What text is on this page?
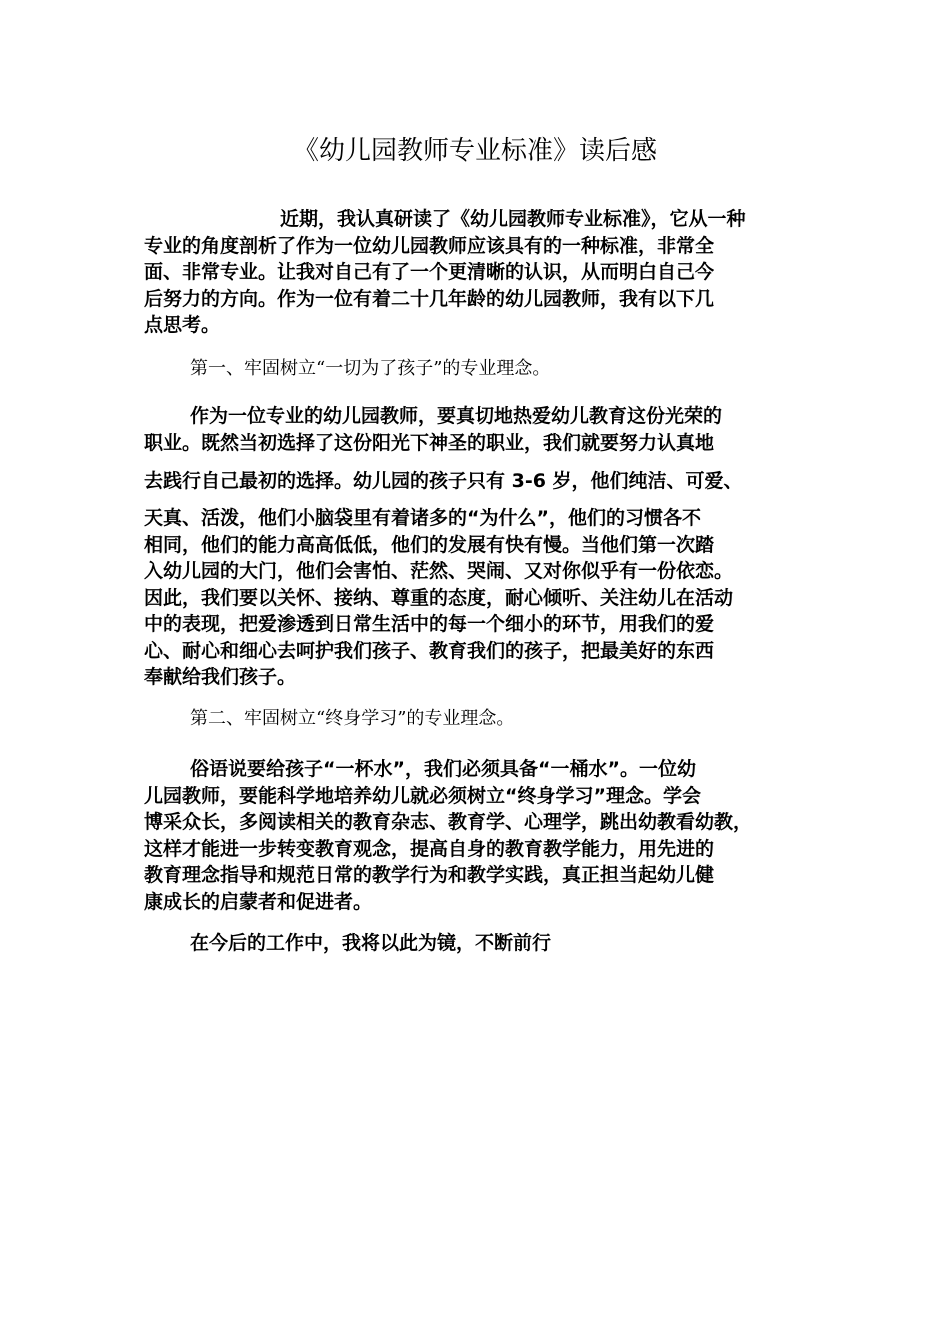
《幼儿园教师专业标准》读后感
近期，我认真研读了《幼儿园教师专业标准》，它从一种
专业的角度剖析了作为一位幼儿园教师应该具有的一种标准，非常全
面、非常专业。让我对自己有了一个更清晰的认识，从而明白自己今
后努力的方向。作为一位有着二十几年龄的幼儿园教师，我有以下几
点思考。

第一、牢固树立“一切为了孩子”的专业理念。

作为一位专业的幼儿园教师，要真切地热爱幼儿教育这份光荣的
职业。既然当初选择了这份阳光下神圣的职业，我们就要努力认真地
去践行自己最初的选择。幼儿园的孩子只有 3-6 岁，他们纯洁、可爱、
天真、活泼，他们小脑袋里有着诸多的“为什么”，他们的习惯各不
相同，他们的能力高高低低，他们的发展有快有慢。当他们第一次踏
入幼儿园的大门，他们会害怕、茫然、哭闹、又对你似乎有一份依恋。
因此，我们要以关怀、接纳、尊重的态度，耐心倾听、关注幼儿在活动
中的表现，把爱渗透到日常生活中的每一个细小的环节，用我们的爱
心、耐心和细心去呵护我们孩子、教育我们的孩子，把最美好的东西
奉献给我们孩子。

第二、牢固树立“终身学习”的专业理念。

俗语说要给孩子“一杯水”，我们必须具备“一桶水”。一位幼
儿园教师，要能科学地培养幼儿就必须树立“终身学习”理念。学会
博采众长，多阅读相关的教育杂志、教育学、心理学，跳出幼教看幼教，
这样才能进一步转变教育观念，提高自身的教育教学能力，用先进的
教育理念指导和规范日常的教学行为和教学实践，真正担当起幼儿健
康成长的启蒙者和促进者。
在今后的工作中，我将以此为镜，不断前行
